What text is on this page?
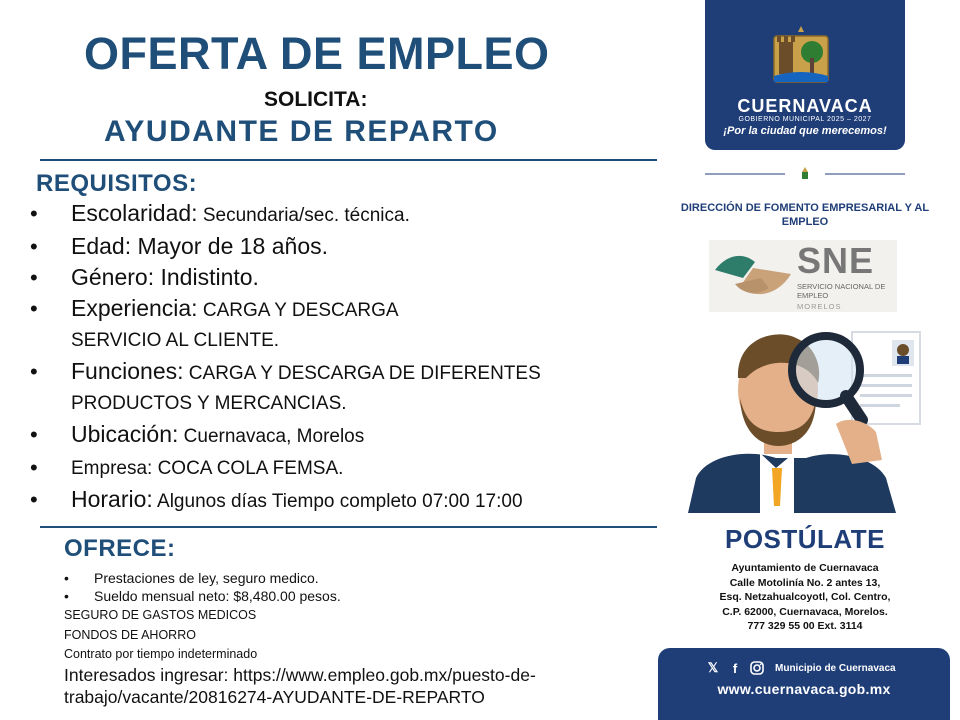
OFERTA DE EMPLEO
SOLICITA:
AYUDANTE DE REPARTO
REQUISITOS:
• Escolaridad: Secundaria/sec. técnica.
• Edad: Mayor de 18 años.
• Género: Indistinto.
• Experiencia: CARGA Y DESCARGA
SERVICIO AL CLIENTE.
• Funciones: CARGA Y DESCARGA DE DIFERENTES
PRODUCTOS Y MERCANCIAS.
• Ubicación: Cuernavaca, Morelos
• Empresa: COCA COLA FEMSA.
• Horario: Algunos días Tiempo completo 07:00 17:00
OFRECE:
• Prestaciones de ley, seguro medico.
• Sueldo mensual neto: $8,480.00 pesos.
SEGURO DE GASTOS MEDICOS
FONDOS DE AHORRO
Contrato por tiempo indeterminado
Interesados ingresar: https://www.empleo.gob.mx/puesto-de-trabajo/vacante/20816274-AYUDANTE-DE-REPARTO
CUERNAVACA
GOBIERNO MUNICIPAL 2025 – 2027
¡Por la ciudad que merecemos!
DIRECCIÓN DE FOMENTO EMPRESARIAL Y AL EMPLEO
SNE
SERVICIO NACIONAL DE EMPLEO
MORELOS
POSTÚLATE
Ayuntamiento de Cuernavaca
Calle Motolinía No. 2 antes 13,
Esq. Netzahualcoyotl, Col. Centro,
C.P. 62000, Cuernavaca, Morelos.
777 329 55 00 Ext. 3114
𝕏	f	Municipio de Cuernavaca
www.cuernavaca.gob.mx
